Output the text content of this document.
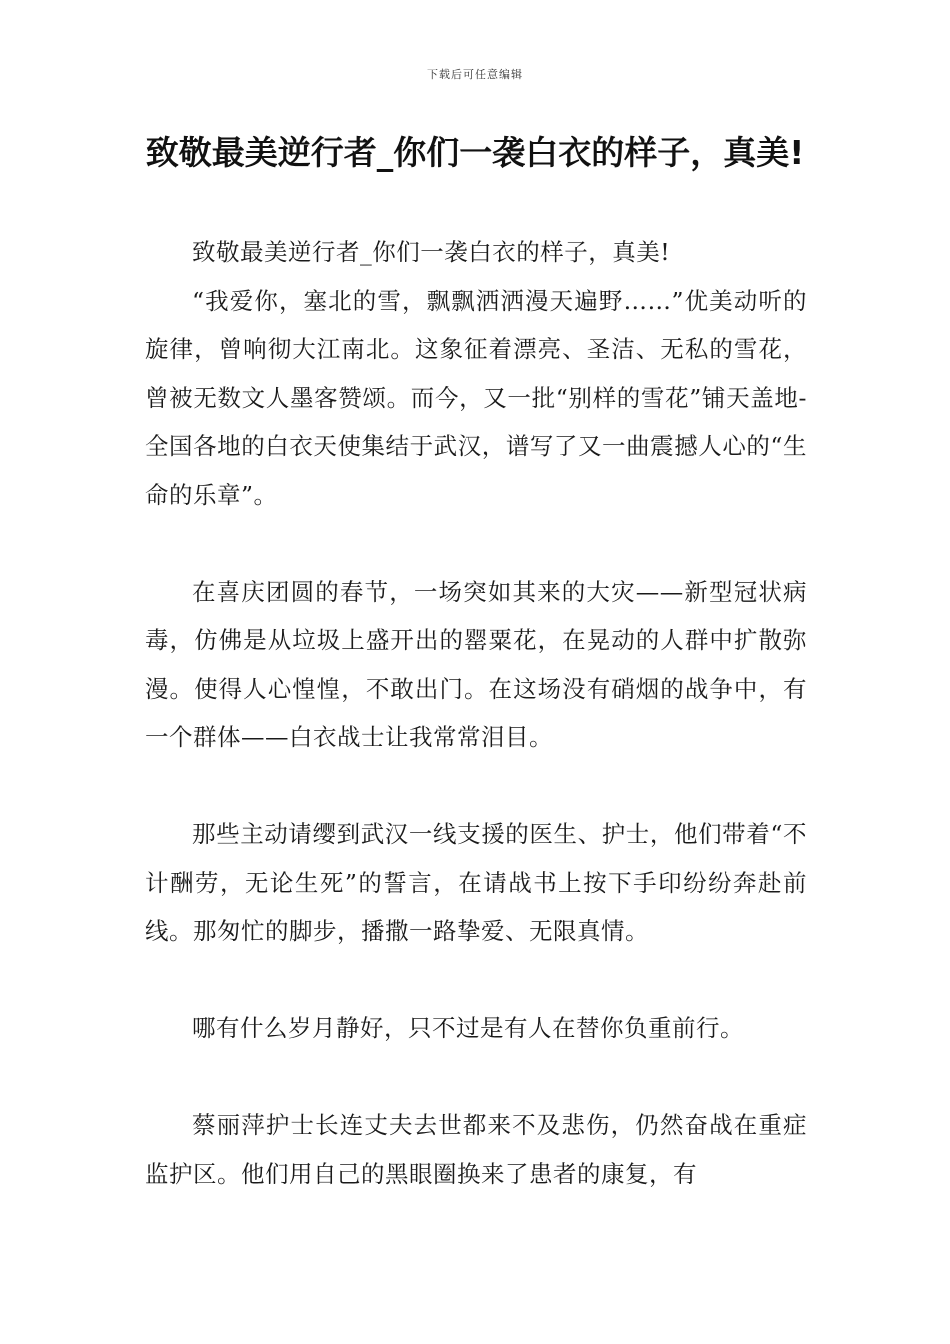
下载后可任意编辑
致敬最美逆行者_你们一袭白衣的样子，真美!

致敬最美逆行者_你们一袭白衣的样子，真美!

“我爱你，塞北的雪，飘飘洒洒漫天遍野……”优美动听的旋律，曾响彻大江南北。这象征着漂亮、圣洁、无私的雪花，曾被无数文人墨客赞颂。而今，又一批“别样的雪花”铺天盖地-全国各地的白衣天使集结于武汉，谱写了又一曲震撼人心的“生命的乐章”。

在喜庆团圆的春节，一场突如其来的大灾——新型冠状病毒，仿佛是从垃圾上盛开出的罂粟花，在晃动的人群中扩散弥漫。使得人心惶惶，不敢出门。在这场没有硝烟的战争中，有一个群体——白衣战士让我常常泪目。

那些主动请缨到武汉一线支援的医生、护士，他们带着“不计酬劳，无论生死”的誓言，在请战书上按下手印纷纷奔赴前线。那匆忙的脚步，播撒一路挚爱、无限真情。

哪有什么岁月静好，只不过是有人在替你负重前行。

蔡丽萍护士长连丈夫去世都来不及悲伤，仍然奋战在重症监护区。他们用自己的黑眼圈换来了患者的康复，有
